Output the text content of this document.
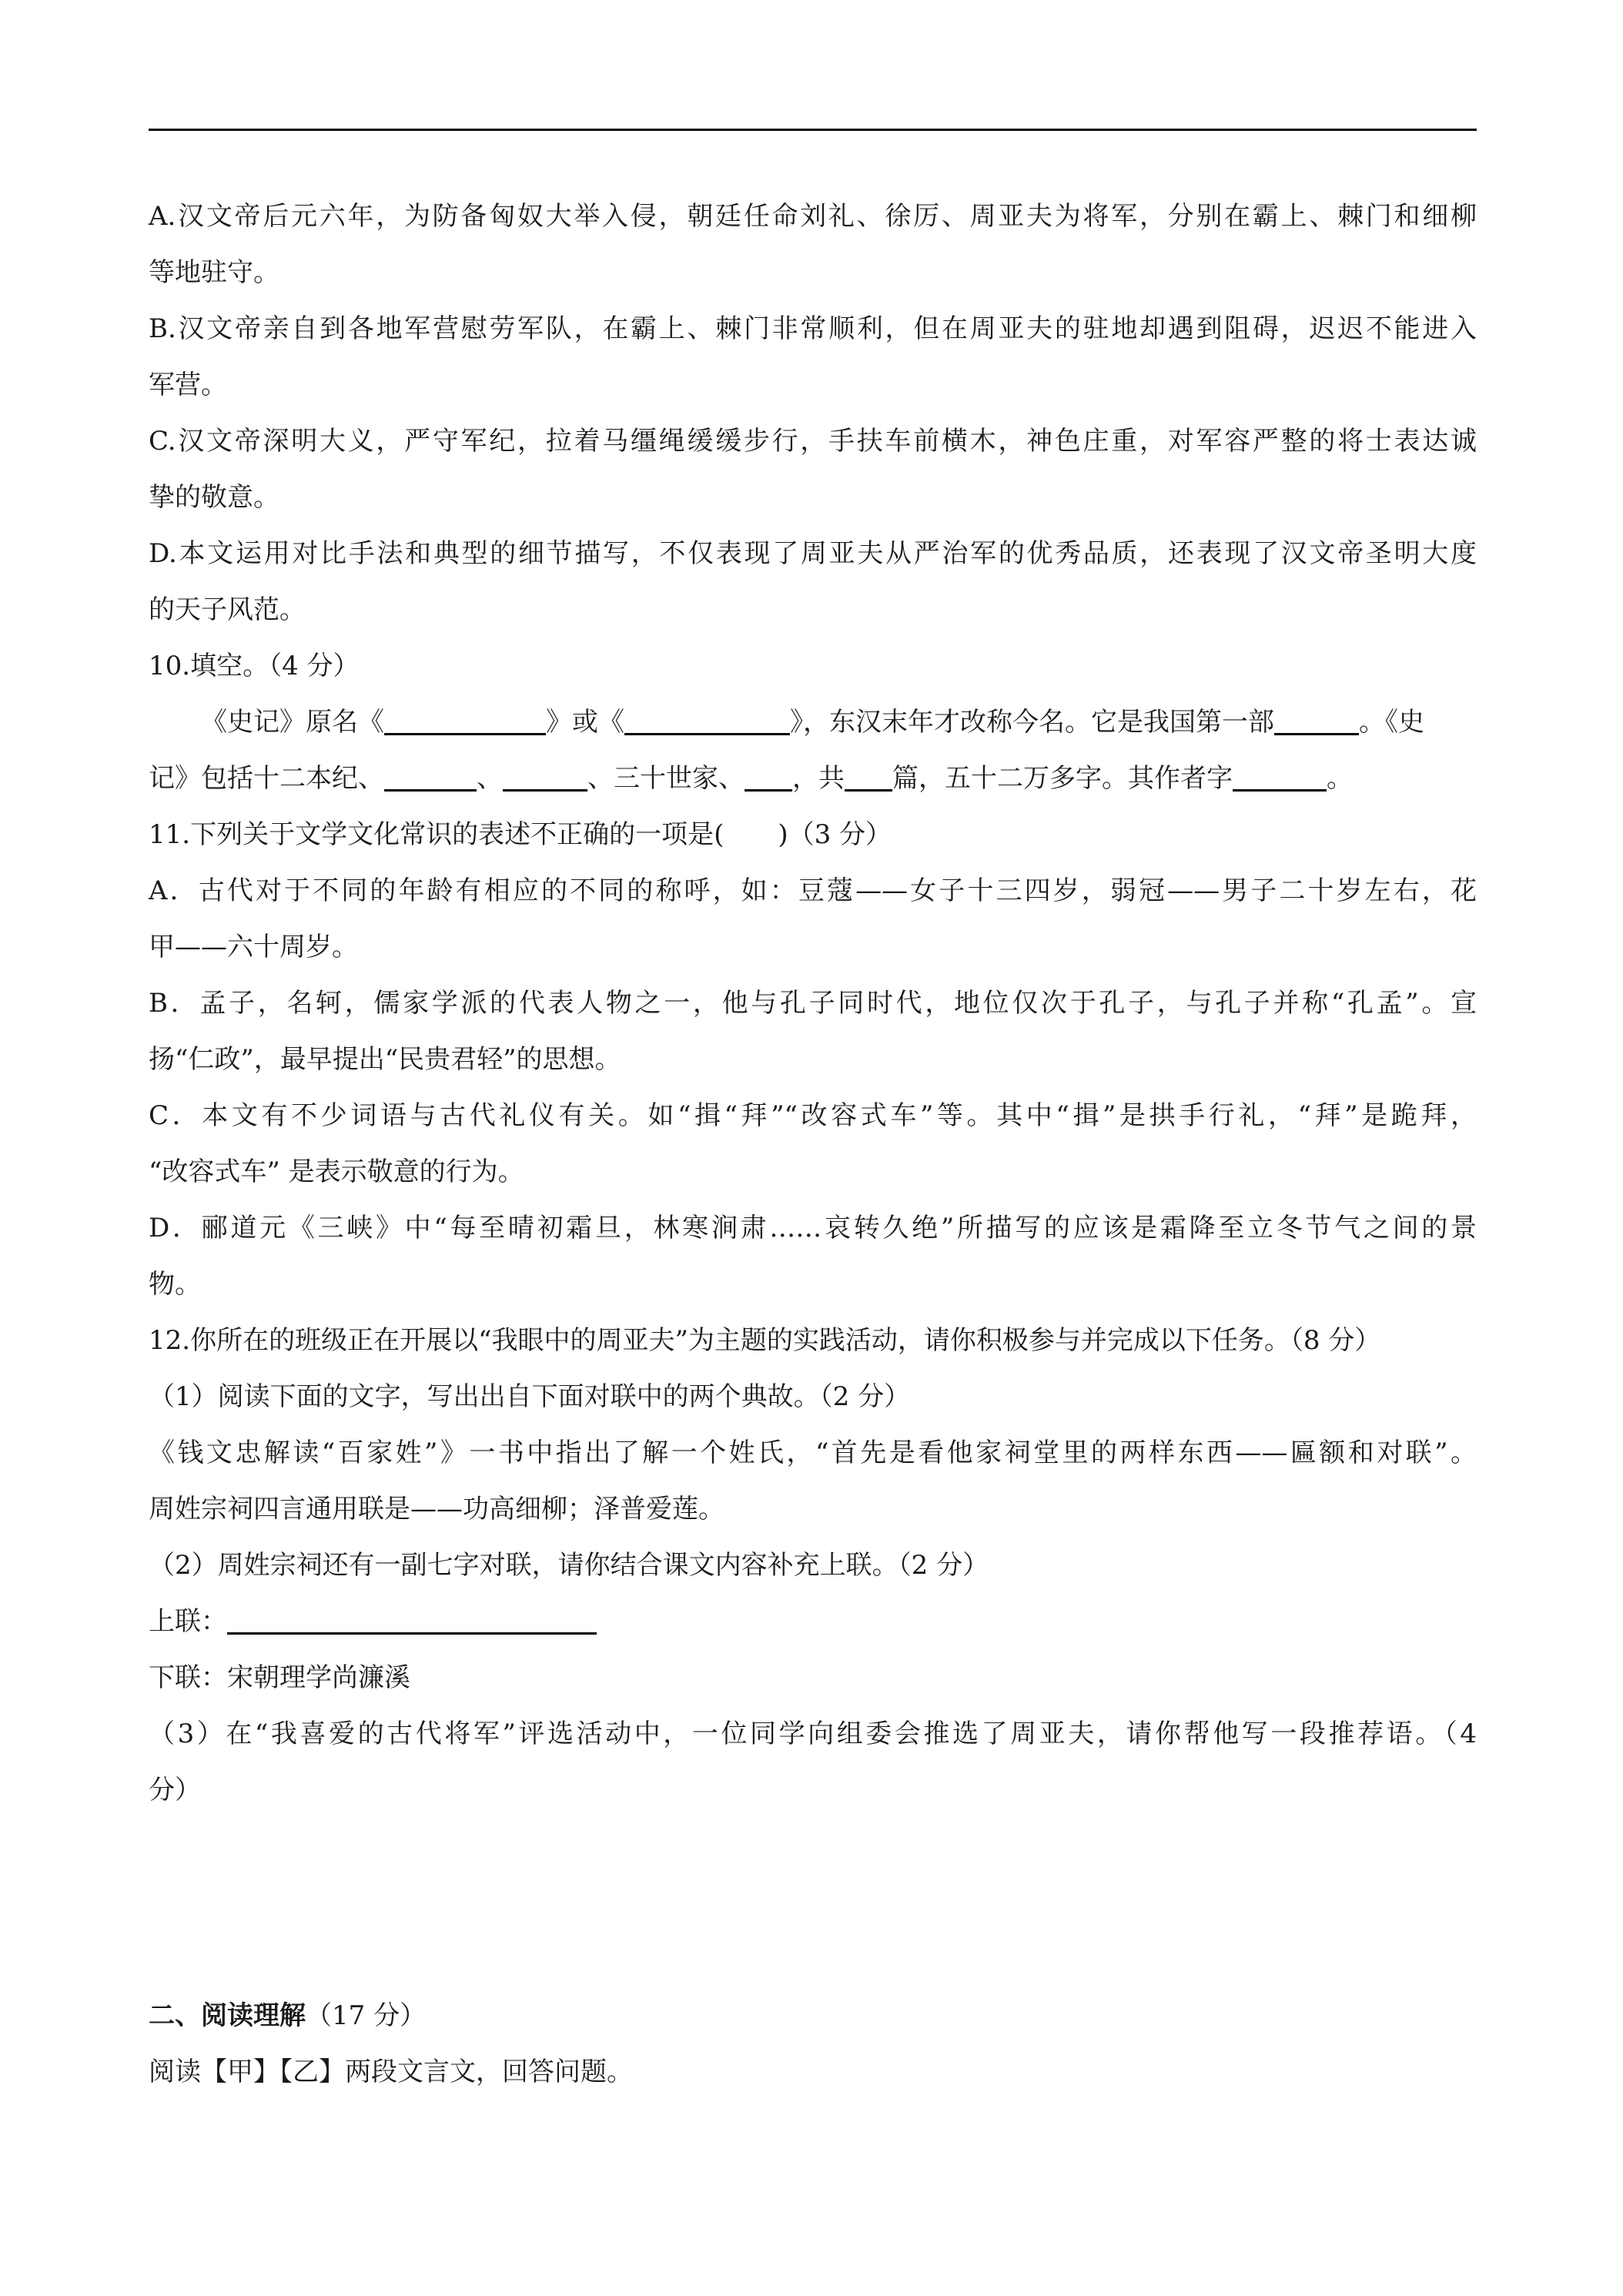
A.汉文帝后元六年，为防备匈奴大举入侵，朝廷任命刘礼、徐厉、周亚夫为将军，分别在霸上、棘门和细柳
等地驻守。
B.汉文帝亲自到各地军营慰劳军队，在霸上、棘门非常顺利，但在周亚夫的驻地却遇到阻碍，迟迟不能进入
军营。
C.汉文帝深明大义，严守军纪，拉着马缰绳缓缓步行，手扶车前横木，神色庄重，对军容严整的将士表达诚
挚的敬意。
D.本文运用对比手法和典型的细节描写，不仅表现了周亚夫从严治军的优秀品质，还表现了汉文帝圣明大度
的天子风范。
10.填空。（4 分）
《史记》原名《	》或《	》，东汉末年才改称今名。它是我国第一部	。《史
记》包括十二本纪、	、	、三十世家、 ，共 篇，五十二万多字。其作者字	。
11.下列关于文学文化常识的表述不正确的一项是( )（3 分）
A．古代对于不同的年龄有相应的不同的称呼，如：豆蔻——女子十三四岁，弱冠——男子二十岁左右，花
甲——六十周岁。
B．孟子，名轲，儒家学派的代表人物之一，他与孔子同时代，地位仅次于孔子，与孔子并称“孔孟”。宣
扬“仁政”，最早提出“民贵君轻”的思想。
C．本文有不少词语与古代礼仪有关。如“揖“拜”“改容式车”等。其中“揖”是拱手行礼，“拜”是跪拜，
“改容式车” 是表示敬意的行为。
D．郦道元《三峡》中“每至晴初霜旦，林寒涧肃……哀转久绝”所描写的应该是霜降至立冬节气之间的景
物。
12.你所在的班级正在开展以“我眼中的周亚夫”为主题的实践活动，请你积极参与并完成以下任务。（8 分）
（1）阅读下面的文字，写出出自下面对联中的两个典故。（2 分）
《钱文忠解读“百家姓”》一书中指出了解一个姓氏，“首先是看他家祠堂里的两样东西——匾额和对联”。
周姓宗祠四言通用联是——功高细柳；泽普爱莲。
（2）周姓宗祠还有一副七字对联，请你结合课文内容补充上联。（2 分）
上联：
下联：宋朝理学尚濂溪
（3）在“我喜爱的古代将军”评选活动中，一位同学向组委会推选了周亚夫，请你帮他写一段推荐语。（4
分）
二、阅读理解（17 分）
阅读【甲】【乙】两段文言文，回答问题。
